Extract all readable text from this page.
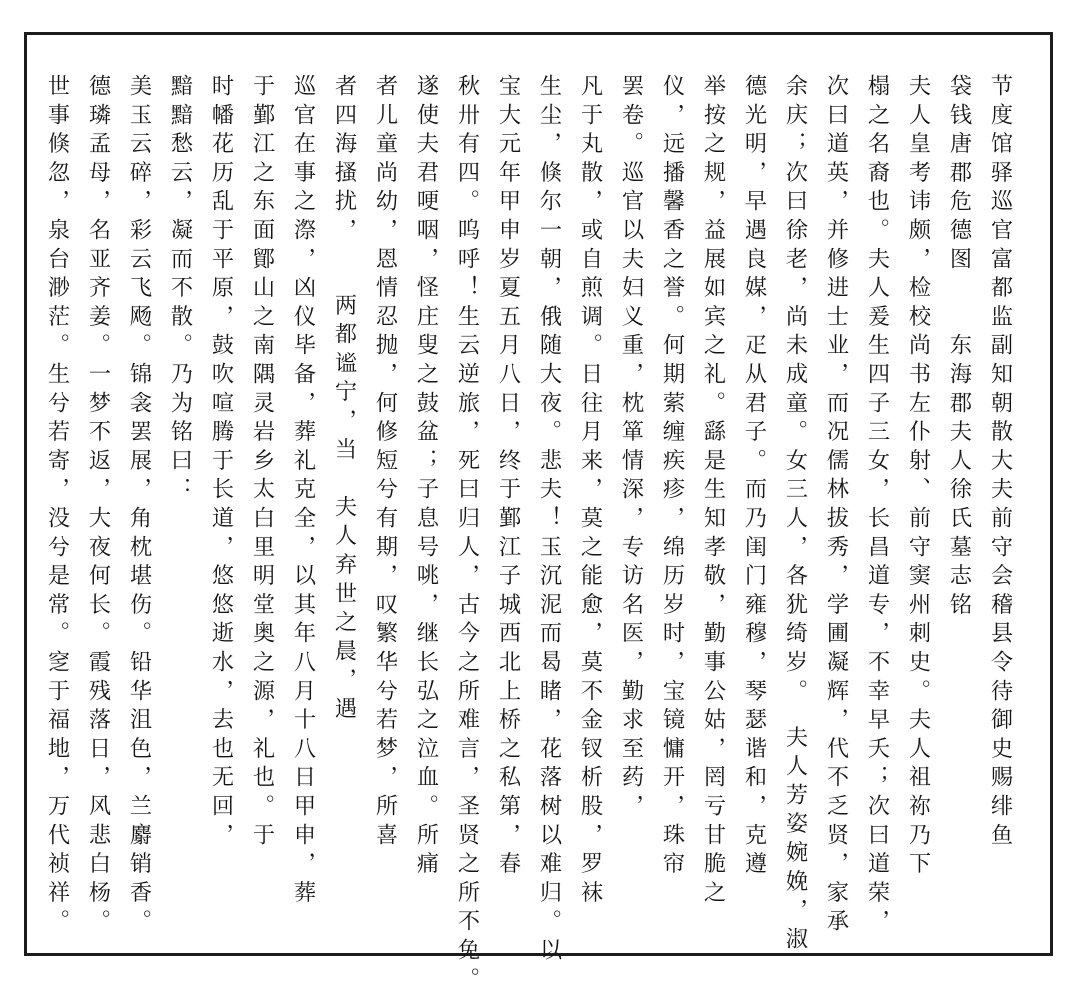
节度馆驿巡官富都监副知朝散大夫前守会稽县令待御史赐绯鱼
袋钱唐郡危德图　　东海郡夫人徐氏墓志铭
夫人皇考讳颇，检校尚书左仆射、前守窦州刺史。夫人祖祢乃下
榻之名裔也。夫人爰生四子三女，长昌道专，不幸早夭；次曰道荣，
次曰道英，并修进士业，而况儒林拔秀，学圃凝辉，代不乏贤，家承
余庆；次曰徐老，尚未成童。女三人，各犹绮岁。　夫人芳姿婉娩，淑
德光明，早遇良媒，疋从君子。而乃闺门雍穆，琴瑟谐和，克遵
举按之规，益展如宾之礼。繇是生知孝敬，勤事公姑，罔亏甘脆之
仪，远播馨香之誉。何期萦缠疾疹，绵历岁时，宝镜慵开，珠帘
罢卷。巡官以夫妇义重，枕箪情深，专访名医，勤求至药，
凡于丸散，或自煎调。日往月来，莫之能愈，莫不金钗析股，罗袜
生尘，倏尔一朝，俄随大夜。悲夫！玉沉泥而曷睹，花落树以难归。以
宝大元年甲申岁夏五月八日，终于鄞江子城西北上桥之私第，春
秋卅有四。呜呼！生云逆旅，死曰归人，古今之所难言，圣贤之所不免。
遂使夫君哽咽，怪庄叟之鼓盆；子息号咷，继长弘之泣血。所痛
者儿童尚幼，恩情忍抛，何修短兮有期，叹繁华兮若梦，所喜
者四海搔扰，　　两都谧宁，当　夫人弃世之晨，遇
巡官在事之漈，凶仪毕备，葬礼克全，以其年八月十八日甲申，葬
于鄞江之东面鄮山之南隅灵岩乡太白里明堂奥之源，礼也。于
时幡花历乱于平原，鼓吹喧腾于长道，悠悠逝水，去也无回，
黯黯愁云，凝而不散。乃为铭曰：
美玉云碎，彩云飞飏。锦衾罢展，角枕堪伤。铅华沮色，兰麝销香。
德璘孟母，名亚齐姜。一梦不返，大夜何长。霞残落日，风悲白杨。
世事倏忽，泉台渺茫。生兮若寄，没兮是常。窆于福地，万代祯祥。
